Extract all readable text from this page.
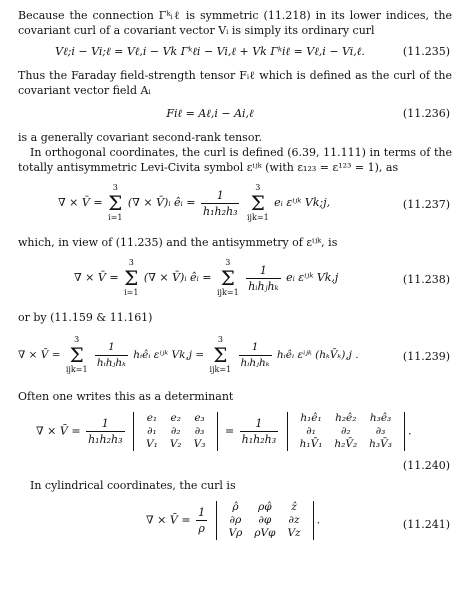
Because the connection Γᵏᵢℓ is symmetric (11.218) in its lower indices, the covariant curl of a covariant vector Vᵢ is simply its ordinary curl

Vℓ;i − Vi;ℓ = Vℓ,i − Vk Γᵏℓi − Vi,ℓ + Vk Γᵏiℓ = Vℓ,i − Vi,ℓ.	(11.235)

Thus the Faraday field-strength tensor Fᵢℓ which is defined as the curl of the covariant vector field Aᵢ

Fiℓ = Aℓ,i − Ai,ℓ	(11.236)

is a generally covariant second-rank tensor.

In orthogonal coordinates, the curl is defined (6.39, 11.111) in terms of the totally antisymmetric Levi-Civita symbol εⁱʲᵏ (with ε₁₂₃ = ε¹²³ = 1), as

∇ × V̄ =
3
Σ
i=1
(∇ × V̄)ᵢ êᵢ = $\frac{1}{\text{h₁h₂h₃}}$
	3
Σ
ijk=1
eᵢ εⁱʲᵏ Vk;j,	(11.237)

which, in view of (11.235) and the antisymmetry of εⁱʲᵏ, is

∇ × V̄ =
3
Σ
i=1
(∇ × V̄)ᵢ êᵢ =
3
Σ
ijk=1
$\frac{1}{\text{hᵢhⱼhₖ}}$ eᵢ εⁱʲᵏ Vk,j	(11.238)

or by (11.159 & 11.161)

∇ × V̄ =
3
Σ
ijk=1
$\frac{1}{\text{hᵢhⱼhₖ}}$ hᵢêᵢ εⁱʲᵏ Vk,j =
3
Σ
ijk=1
$\frac{1}{\text{hᵢhⱼhₖ}}$ hᵢêᵢ εⁱʲᵏ (hₖV̄ₖ),j .	(11.239)

Often one writes this as a determinant

∇ × V̄ = $\frac{1}{\text{h₁h₂h₃}}$
e₁	e₂	e₃
∂₁	∂₂	∂₃
V₁	V₂	V₃
= $\frac{1}{\text{h₁h₂h₃}}$
h₁ê₁	h₂ê₂	h₃ê₃
∂₁	∂₂	∂₃
h₁V̄₁	h₂V̄₂	h₃V̄₃
.
(11.240)

In cylindrical coordinates, the curl is

∇ × V̄ = $\frac{1}{\rho}$
ρ̂	ρφ̂	ẑ
∂ρ	∂φ	∂z
Vρ	ρVφ	Vz
.	(11.241)
